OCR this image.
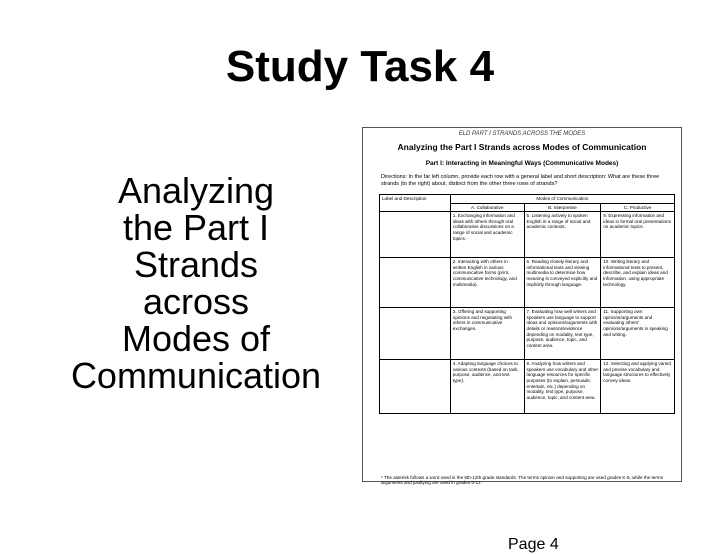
Study Task 4
Analyzing
the Part I
Strands
across
Modes of
Communication
ELD PART I STRANDS ACROSS THE MODES
Analyzing the Part I Strands across Modes of Communication
Part I: Interacting in Meaningful Ways (Communicative Modes)
Directions: In the far left column, provide each row with a general label and short description: What are these three strands (to the right) about, distinct from the other three rows of strands?
Label and Description	Modes of Communication		
	A. Collaborative	B. Interpretive	C. Productive
	1. Exchanging information and ideas with others through oral collaborative discussions on a range of social and academic topics.	5. Listening actively to spoken English in a range of social and academic contexts.	9. Expressing information and ideas in formal oral presentations on academic topics.
	2. Interacting with others in written English in various communicative forms (print, communicative technology, and multimedia).	6. Reading closely literary and informational texts and viewing multimedia to determine how meaning is conveyed explicitly and implicitly through language.	10. Writing literary and informational texts to present, describe, and explain ideas and information, using appropriate technology.
	3. Offering and supporting opinions and negotiating with others in communicative exchanges.	7. Evaluating how well writers and speakers use language to support ideas and opinions/arguments with details or reasons/evidence depending on modality, text type, purpose, audience, topic, and content area.	11. Supporting own opinions/arguments and evaluating others' opinions/arguments in speaking and writing.
	4. Adapting language choices to various contexts (based on task, purpose, audience, and text type).	8. Analyzing how writers and speakers use vocabulary and other language resources for specific purposes (to explain, persuade, entertain, etc.) depending on modality, text type, purpose, audience, topic, and content area.	12. Selecting and applying varied and precise vocabulary and language structures to effectively convey ideas.
* The asterisk follows a word used in the 6th-12th grade standards. The terms opinion and supporting are used grades K-5, while the terms arguments and justifying are used in grades 6-12.
Page 4
